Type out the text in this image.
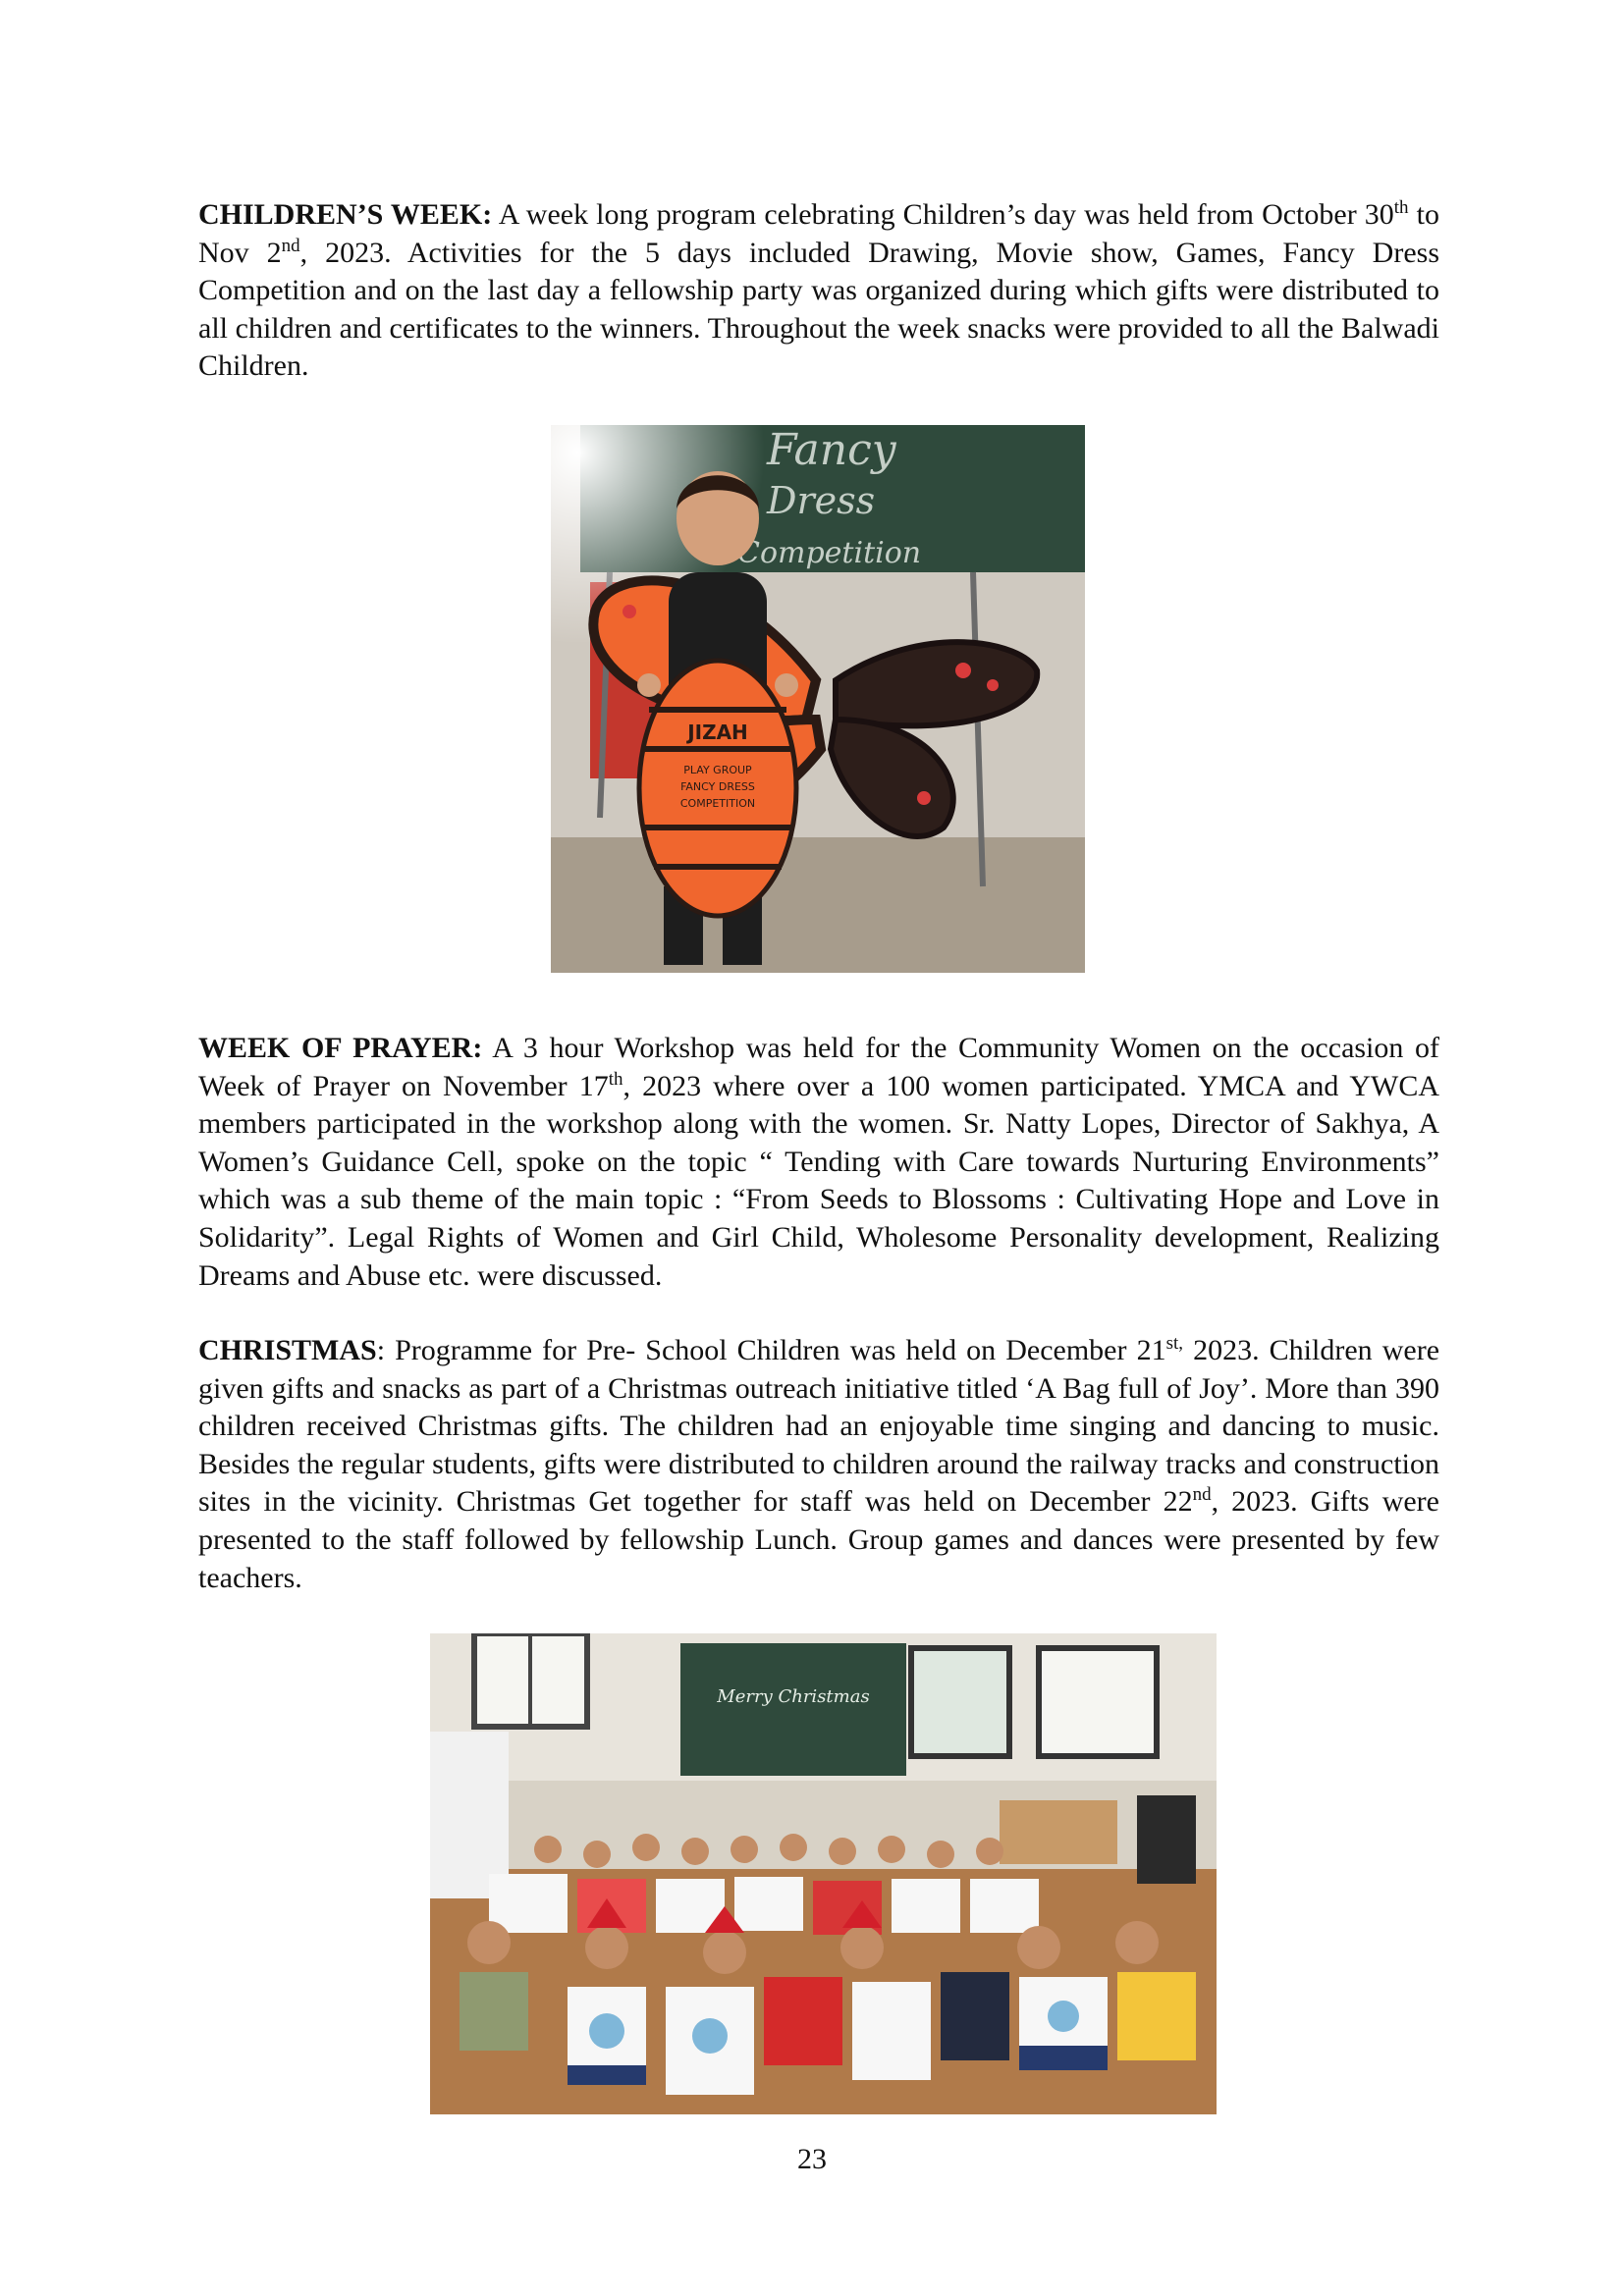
CHILDREN’S WEEK: A week long program celebrating Children’s day was held from October 30th to Nov 2nd, 2023. Activities for the 5 days included Drawing, Movie show, Games, Fancy Dress Competition and on the last day a fellowship party was organized during which gifts were distributed to all children and certificates to the winners. Throughout the week snacks were provided to all the Balwadi Children.
JIZAH
PLAY GROUP
FANCY DRESS
COMPETITION
WEEK OF PRAYER: A 3 hour Workshop was held for the Community Women on the occasion of Week of Prayer on November 17th, 2023 where over a 100 women participated. YMCA and YWCA members participated in the workshop along with the women. Sr. Natty Lopes, Director of Sakhya, A Women’s Guidance Cell, spoke on the topic “ Tending with Care towards Nurturing Environments” which was a sub theme of the main topic : “From Seeds to Blossoms : Cultivating Hope and Love in Solidarity”. Legal Rights of Women and Girl Child, Wholesome Personality development, Realizing Dreams and Abuse etc. were discussed.
CHRISTMAS: Programme for Pre- School Children was held on December $21^{st,}$ 2023. Children were given gifts and snacks as part of a Christmas outreach initiative titled ‘A Bag full of Joy’. More than 390 children received Christmas gifts. The children had an enjoyable time singing and dancing to music. Besides the regular students, gifts were distributed to children around the railway tracks and construction sites in the vicinity. Christmas Get together for staff was held on December 22nd, 2023. Gifts were presented to the staff followed by fellowship Lunch. Group games and dances were presented by few teachers.
Merry Christmas
23
